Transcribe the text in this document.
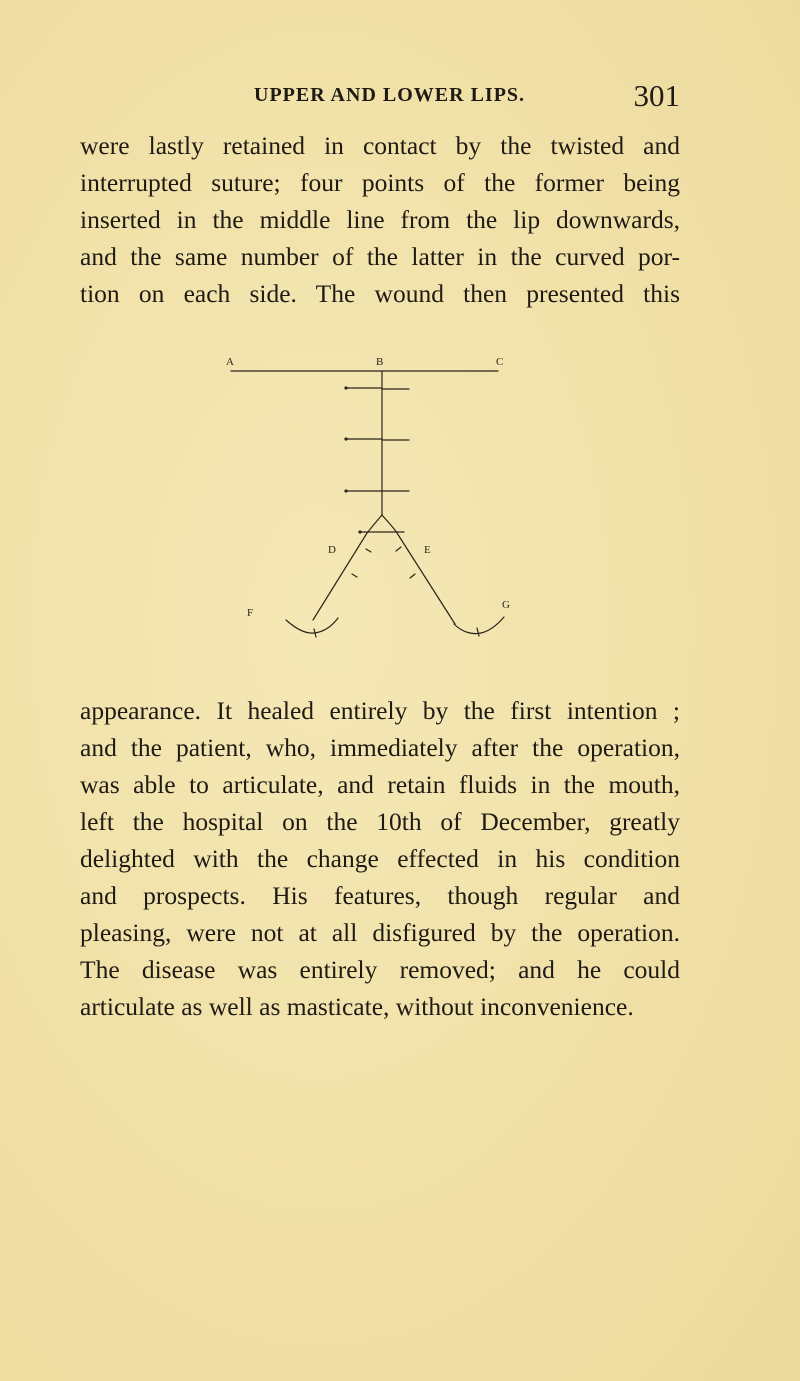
UPPER AND LOWER LIPS.	301
were lastly retained in contact by the twisted and
interrupted suture; four points of the former being
inserted in the middle line from the lip downwards,
and the same number of the latter in the curved por-
tion on each side. The wound then presented this
A	B	C
D	E
F
G
appearance. It healed entirely by the first intention ;
and the patient, who, immediately after the operation,
was able to articulate, and retain fluids in the mouth,
left the hospital on the 10th of December, greatly
delighted with the change effected in his condition
and prospects. His features, though regular and
pleasing, were not at all disfigured by the operation.
The disease was entirely removed; and he could
articulate as well as masticate, without inconvenience.
